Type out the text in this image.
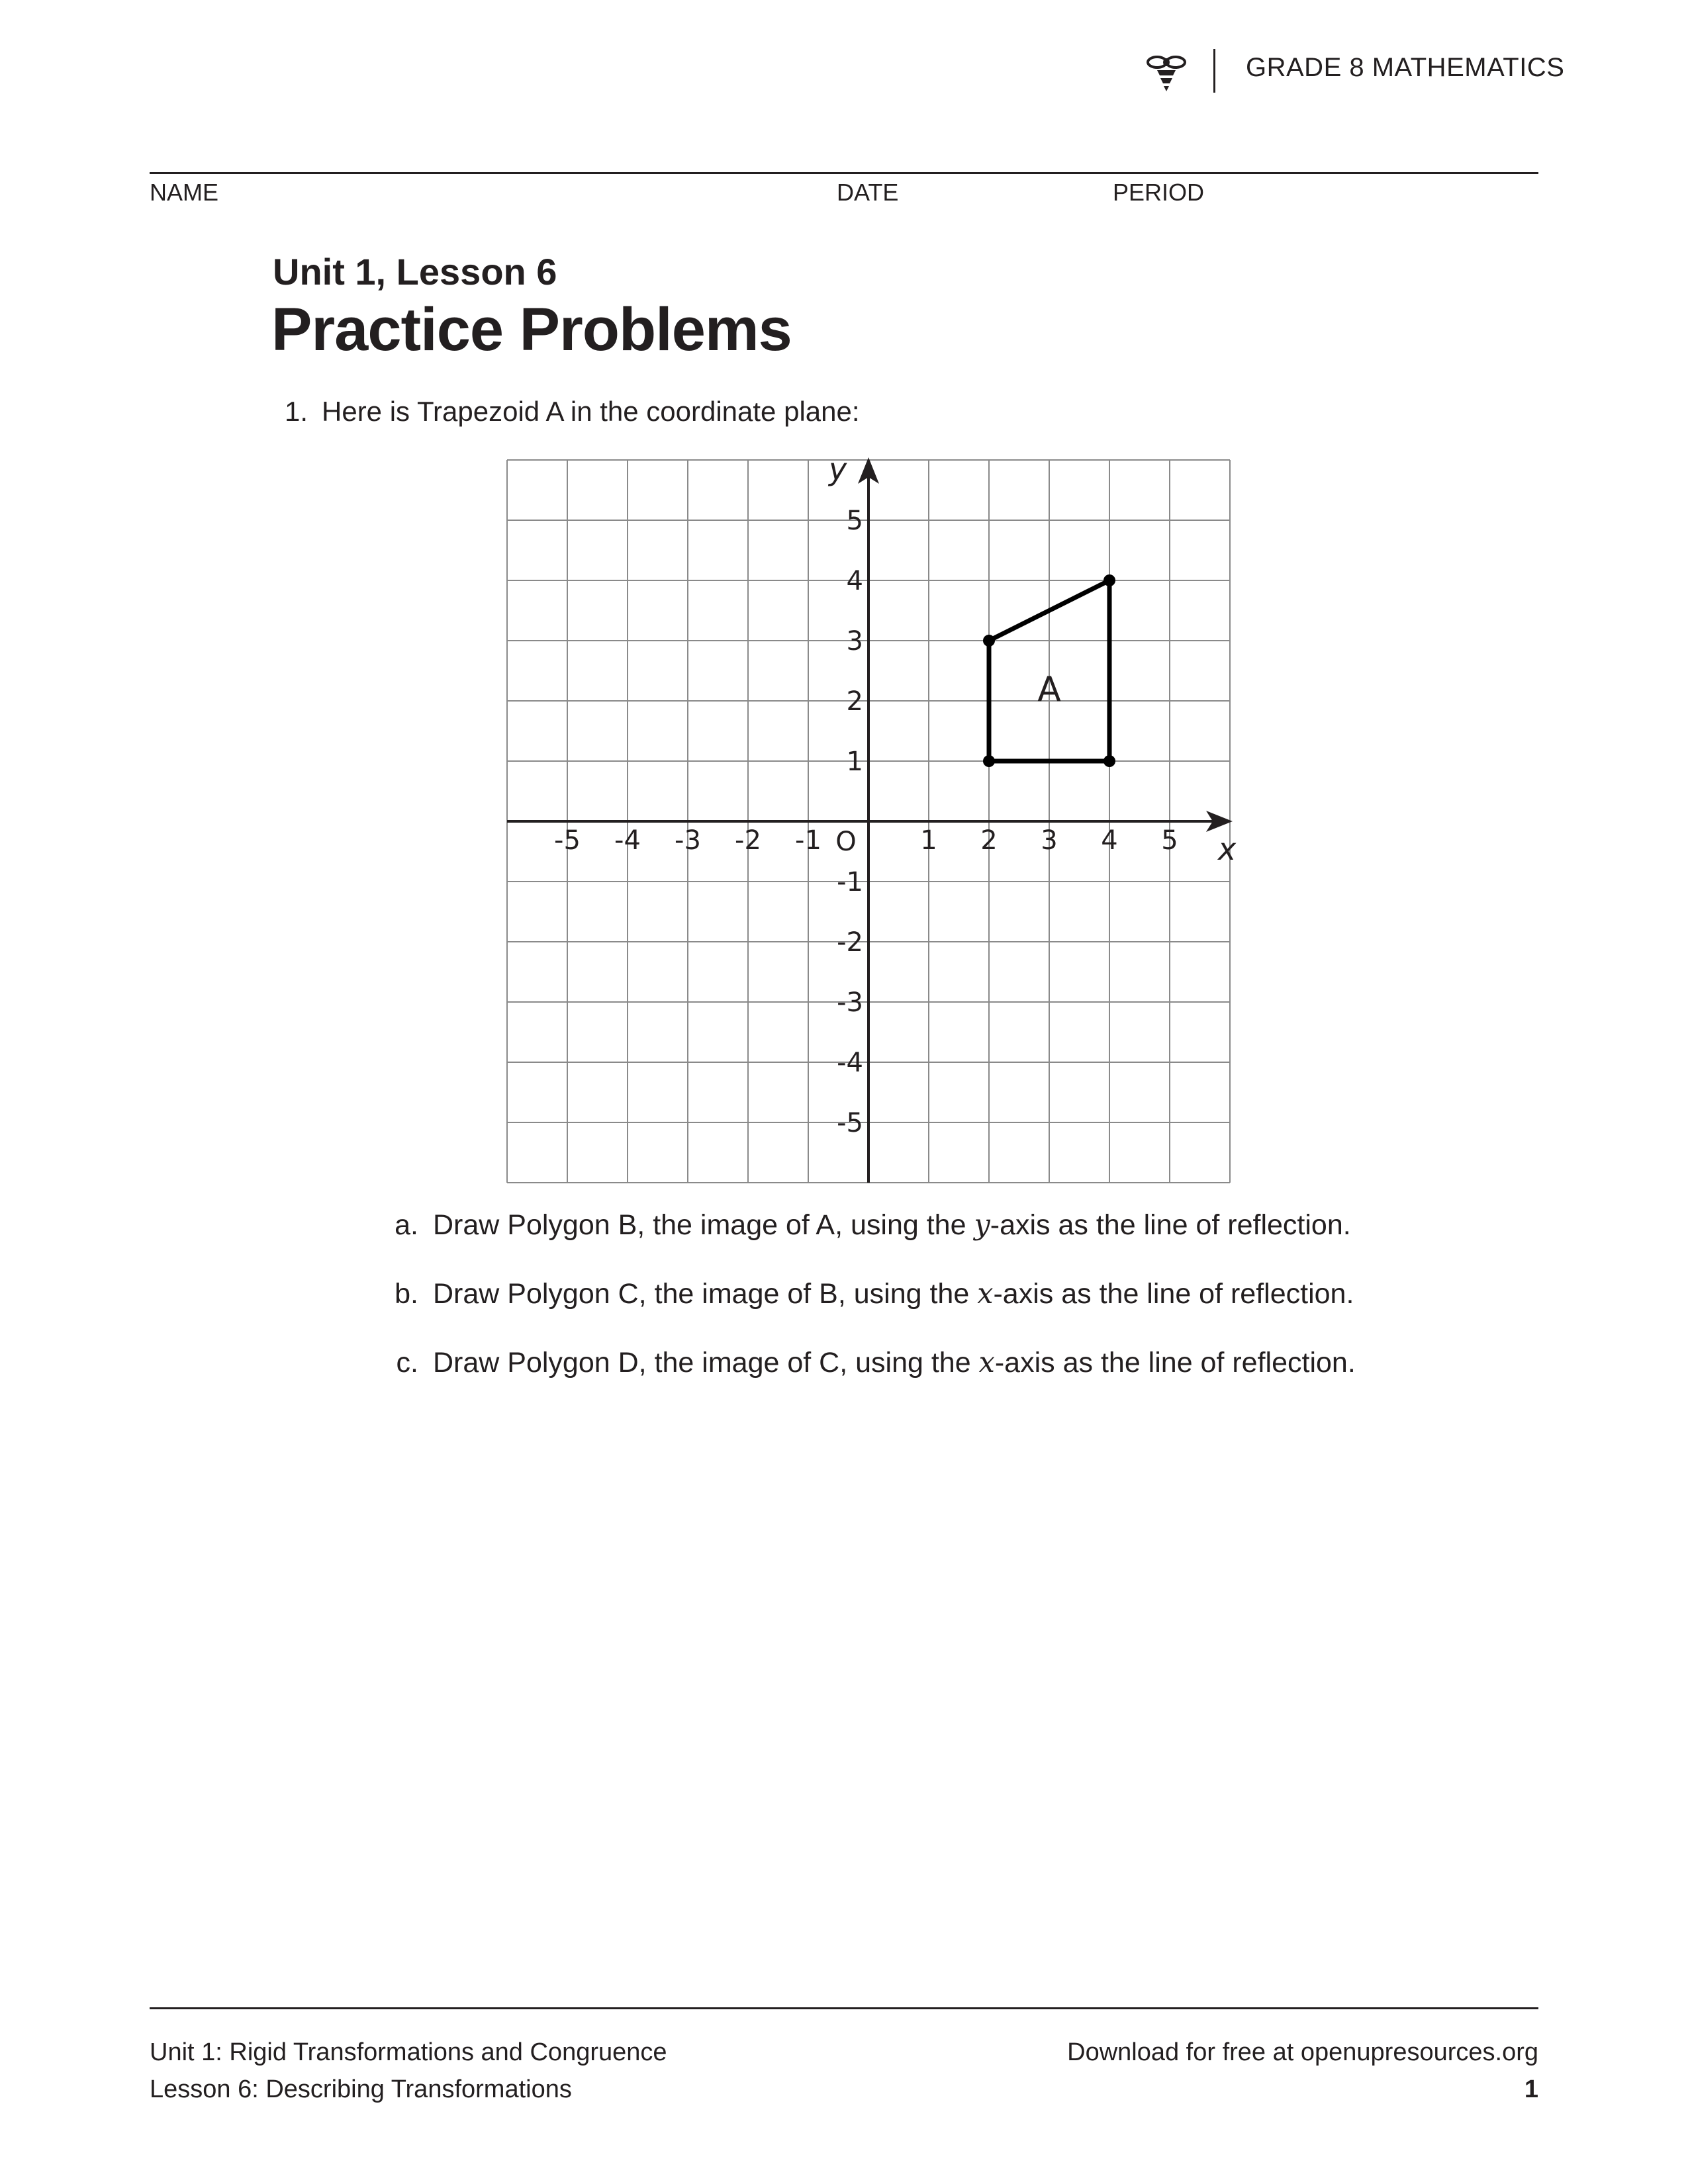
GRADE 8 MATHEMATICS
NAME	DATE	PERIOD
Unit 1, Lesson 6
Practice Problems
1. Here is Trapezoid A in the coordinate plane:
x
y
-5 -4 -3 -2 -1	1 2 3 4 5
5
4
3
2
1
-1
-2
-3
-4
-5
O
A
a. Draw Polygon B, the image of A, using the y-axis as the line of reflection.
b. Draw Polygon C, the image of B, using the x-axis as the line of reflection.
c. Draw Polygon D, the image of C, using the x-axis as the line of reflection.
Unit 1: Rigid Transformations and Congruence
Lesson 6: Describing Transformations
Download for free at openupresources.org
1
